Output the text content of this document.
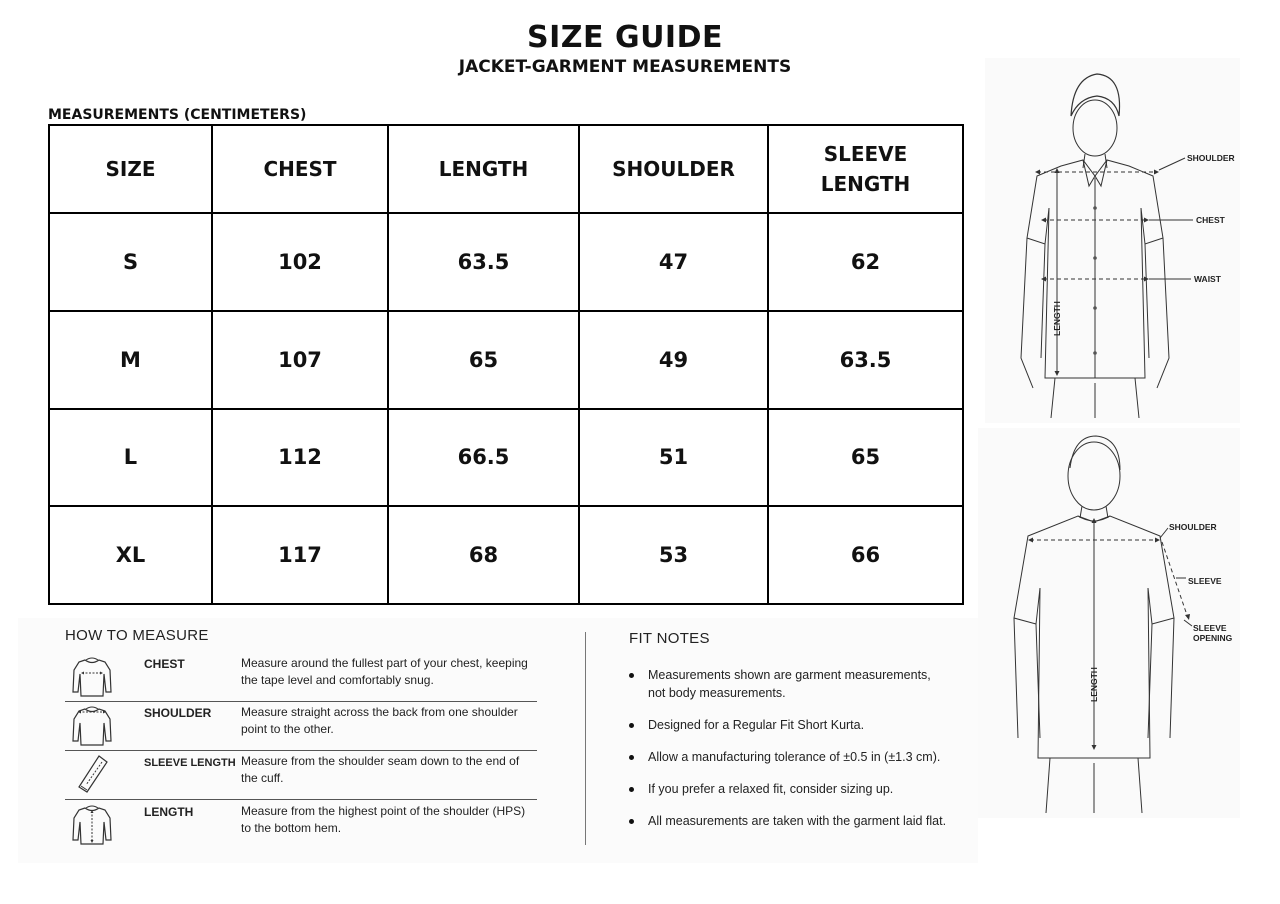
SIZE GUIDE
JACKET-GARMENT MEASUREMENTS
MEASUREMENTS (CENTIMETERS)
SIZE	CHEST	LENGTH	SHOULDER	SLEEVE LENGTH
S	102	63.5	47	62
M	107	65	49	63.5
L	112	66.5	51	65
XL	117	68	53	66
HOW TO MEASURE
CHEST	Measure around the fullest part of your chest, keeping the tape level and comfortably snug.
SHOULDER Measure straight across the back from one shoulder point to the other.
SLEEVE LENGTH Measure from the shoulder seam down to the end of the cuff.
LENGTH	Measure from the highest point of the shoulder (HPS) to the bottom hem.
FIT NOTES
Measurements shown are garment measurements, not body measurements.
Designed for a Regular Fit Short Kurta.
Allow a manufacturing tolerance of ±0.5 in (±1.3 cm).
If you prefer a relaxed fit, consider sizing up.
All measurements are taken with the garment laid flat.
SHOULDER
CHEST
WAIST
LENGTH
SHOULDER
SLEEVE
SLEEVE
OPENING
LENGTH
